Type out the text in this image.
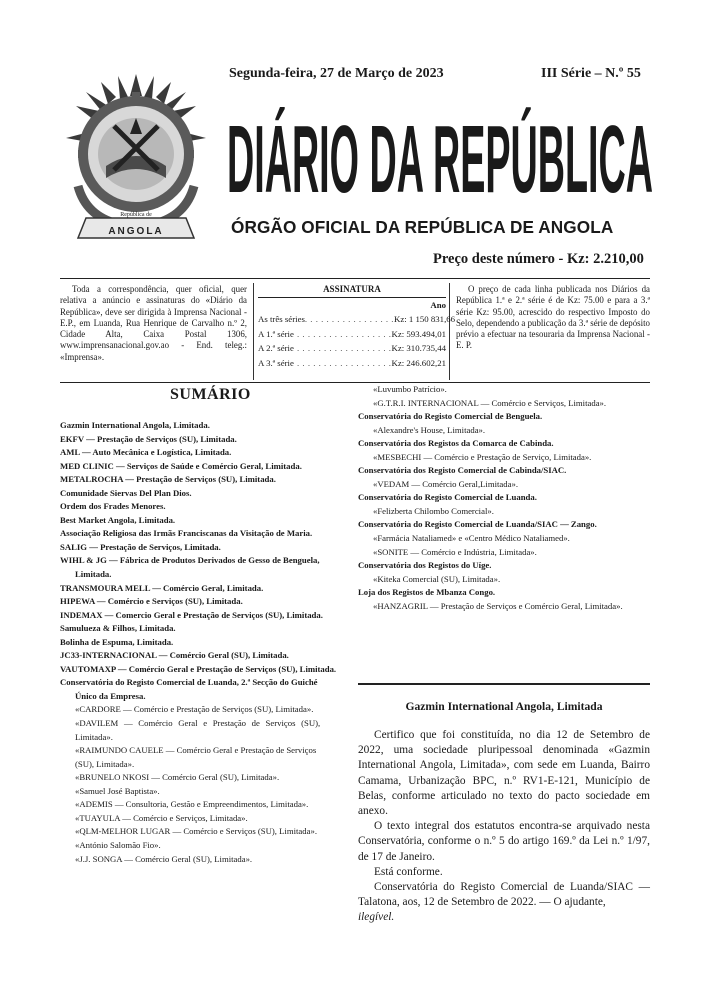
República de
ANGOLA
Segunda-feira, 27 de Março de 2023	III Série – N.º 55
DIÁRIO DA REPÚBLICA
ÓRGÃO OFICIAL DA REPÚBLICA DE ANGOLA
Preço deste número - Kz: 2.210,00

Toda a correspondência, quer oficial, quer relativa a anúncio e assinaturas do «Diário da República», deve ser dirigida à Imprensa Nacional - E.P., em Luanda, Rua Henrique de Carvalho n.º 2, Cidade Alta, Caixa Postal 1306, www.imprensanacional.gov.ao - End. teleg.: «Imprensa».

ASSINATURA
Ano
As três séries . . . . . . . . . . . . . . . . . Kz: 1 150 831,66
A 1.ª série . . . . . . . . . . . . . . . . . . Kz: 593.494,01
A 2.ª série . . . . . . . . . . . . . . . . . . Kz: 310.735,44
A 3.ª série . . . . . . . . . . . . . . . . . . Kz: 246.602,21

O preço de cada linha publicada nos Diários da República 1.ª e 2.ª série é de Kz: 75.00 e para a 3.ª série Kz: 95.00, acrescido do respectivo Imposto do Selo, dependendo a publicação da 3.ª série de depósito prévio a efectuar na tesouraria da Imprensa Nacional - E. P.

SUMÁRIO
Gazmin International Angola, Limitada.
EKFV — Prestação de Serviços (SU), Limitada.
AML — Auto Mecânica e Logística, Limitada.
MED CLINIC — Serviços de Saúde e Comércio Geral, Limitada.
METALROCHA — Prestação de Serviços (SU), Limitada.
Comunidade Siervas Del Plan Dios.
Ordem dos Frades Menores.
Best Market Angola, Limitada.
Associação Religiosa das Irmãs Franciscanas da Visitação de Maria.
SALIG — Prestação de Serviços, Limitada.
WIHL & JG — Fábrica de Produtos Derivados de Gesso de Benguela,
Limitada.
TRANSMOURA MELL — Comércio Geral, Limitada.
HIPEWA — Comércio e Serviços (SU), Limitada.
INDEMAX — Comercio Geral e Prestação de Serviços (SU), Limitada.
Samulueza & Filhos, Limitada.
Bolinha de Espuma, Limitada.
JC33-INTERNACIONAL — Comércio Geral (SU), Limitada.
VAUTOMAXP — Comércio Geral e Prestação de Serviços (SU), Limitada.
Conservatória do Registo Comercial de Luanda, 2.ª Secção do Guiché
Único da Empresa.
«CARDORE — Comércio e Prestação de Serviços (SU), Limitada».
«DAVILEM — Comércio Geral e Prestação de Serviços (SU),
Limitada».
«RAIMUNDO CAUELE — Comércio Geral e Prestação de Serviços
(SU), Limitada».
«BRUNELO NKOSI — Comércio Geral (SU), Limitada».
«Samuel José Baptista».
«ADEMIS — Consultoria, Gestão e Empreendimentos, Limitada».
«TUAYULA — Comércio e Serviços, Limitada».
«QLM-MELHOR LUGAR — Comércio e Serviços (SU), Limitada».
«António Salomão Fio».
«J.J. SONGA — Comércio Geral (SU), Limitada».
«Luvumbo Patrício».
«G.T.R.I. INTERNACIONAL — Comércio e Serviços, Limitada».
Conservatória do Registo Comercial de Benguela.
«Alexandre's House, Limitada».
Conservatória dos Registos da Comarca de Cabinda.
«MESBECHI — Comércio e Prestação de Serviço, Limitada».
Conservatória dos Registo Comercial de Cabinda/SIAC.
«VEDAM — Comércio Geral,Limitada».
Conservatória do Registo Comercial de Luanda.
«Felizberta Chilombo Comercial».
Conservatória do Registo Comercial de Luanda/SIAC — Zango.
«Farmácia Nataliamed» e «Centro Médico Nataliamed».
«SONITE — Comércio e Indústria, Limitada».
Conservatória dos Registos do Uíge.
«Kiteka Comercial (SU), Limitada».
Loja dos Registos de Mbanza Congo.
«HANZAGRIL — Prestação de Serviços e Comércio Geral, Limitada».
Gazmin International Angola, Limitada

Certifico que foi constituída, no dia 12 de Setembro de 2022, uma sociedade pluripessoal denominada «Gazmin International Angola, Limitada», com sede em Luanda, Bairro Camama, Urbanização BPC, n.º RV1-E-121, Município de Belas, conforme articulado no texto do pacto sociedade em anexo.

O texto integral dos estatutos encontra-se arquivado nesta Conservatória, conforme o n.º 5 do artigo 169.º da Lei n.º 1/97, de 17 de Janeiro.

Está conforme.

Conservatória do Registo Comercial de Luanda/SIAC — Talatona, aos, 12 de Setembro de 2022. — O ajudante,
ilegível.
